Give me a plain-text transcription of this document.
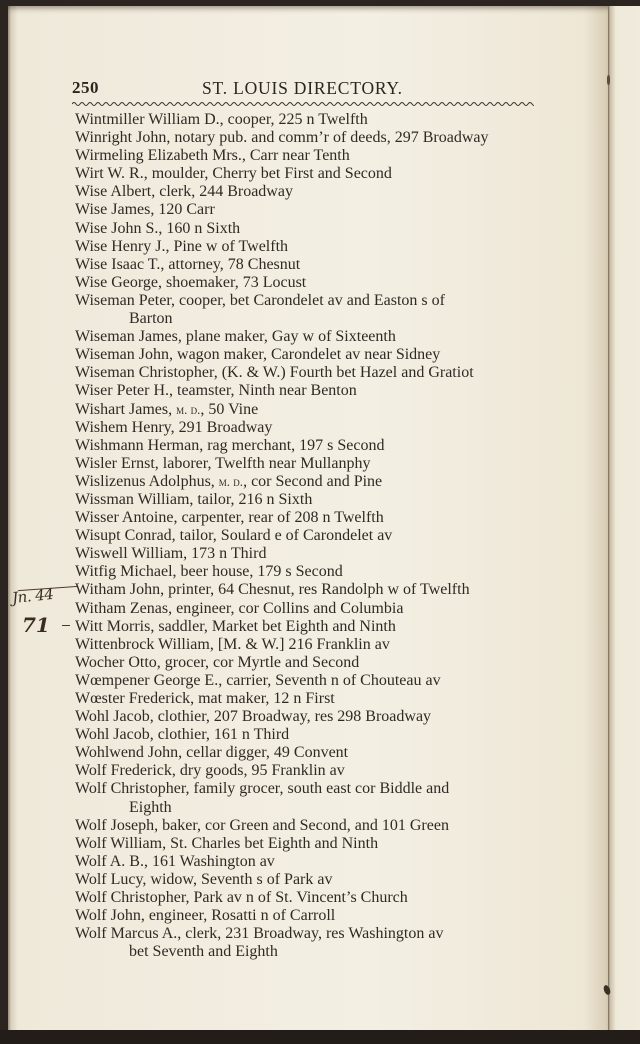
250	ST. LOUIS DIRECTORY.
Jn. 44
71
Wintmiller William D., cooper, 225 n Twelfth
Winright John, notary pub. and comm’r of deeds, 297 Broadway
Wirmeling Elizabeth Mrs., Carr near Tenth
Wirt W. R., moulder, Cherry bet First and Second
Wise Albert, clerk, 244 Broadway
Wise James, 120 Carr
Wise John S., 160 n Sixth
Wise Henry J., Pine w of Twelfth
Wise Isaac T., attorney, 78 Chesnut
Wise George, shoemaker, 73 Locust
Wiseman Peter, cooper, bet Carondelet av and Easton s of
Barton
Wiseman James, plane maker, Gay w of Sixteenth
Wiseman John, wagon maker, Carondelet av near Sidney
Wiseman Christopher, (K. & W.) Fourth bet Hazel and Gratiot
Wiser Peter H., teamster, Ninth near Benton
Wishart James, m. d., 50 Vine
Wishem Henry, 291 Broadway
Wishmann Herman, rag merchant, 197 s Second
Wisler Ernst, laborer, Twelfth near Mullanphy
Wislizenus Adolphus, m. d., cor Second and Pine
Wissman William, tailor, 216 n Sixth
Wisser Antoine, carpenter, rear of 208 n Twelfth
Wisupt Conrad, tailor, Soulard e of Carondelet av
Wiswell William, 173 n Third
Witfig Michael, beer house, 179 s Second
Witham John, printer, 64 Chesnut, res Randolph w of Twelfth
Witham Zenas, engineer, cor Collins and Columbia
Witt Morris, saddler, Market bet Eighth and Ninth
Wittenbrock William, [M. & W.] 216 Franklin av
Wocher Otto, grocer, cor Myrtle and Second
Wœmpener George E., carrier, Seventh n of Chouteau av
Wœster Frederick, mat maker, 12 n First
Wohl Jacob, clothier, 207 Broadway, res 298 Broadway
Wohl Jacob, clothier, 161 n Third
Wohlwend John, cellar digger, 49 Convent
Wolf Frederick, dry goods, 95 Franklin av
Wolf Christopher, family grocer, south east cor Biddle and
Eighth
Wolf Joseph, baker, cor Green and Second, and 101 Green
Wolf William, St. Charles bet Eighth and Ninth
Wolf A. B., 161 Washington av
Wolf Lucy, widow, Seventh s of Park av
Wolf Christopher, Park av n of St. Vincent’s Church
Wolf John, engineer, Rosatti n of Carroll
Wolf Marcus A., clerk, 231 Broadway, res Washington av
bet Seventh and Eighth
